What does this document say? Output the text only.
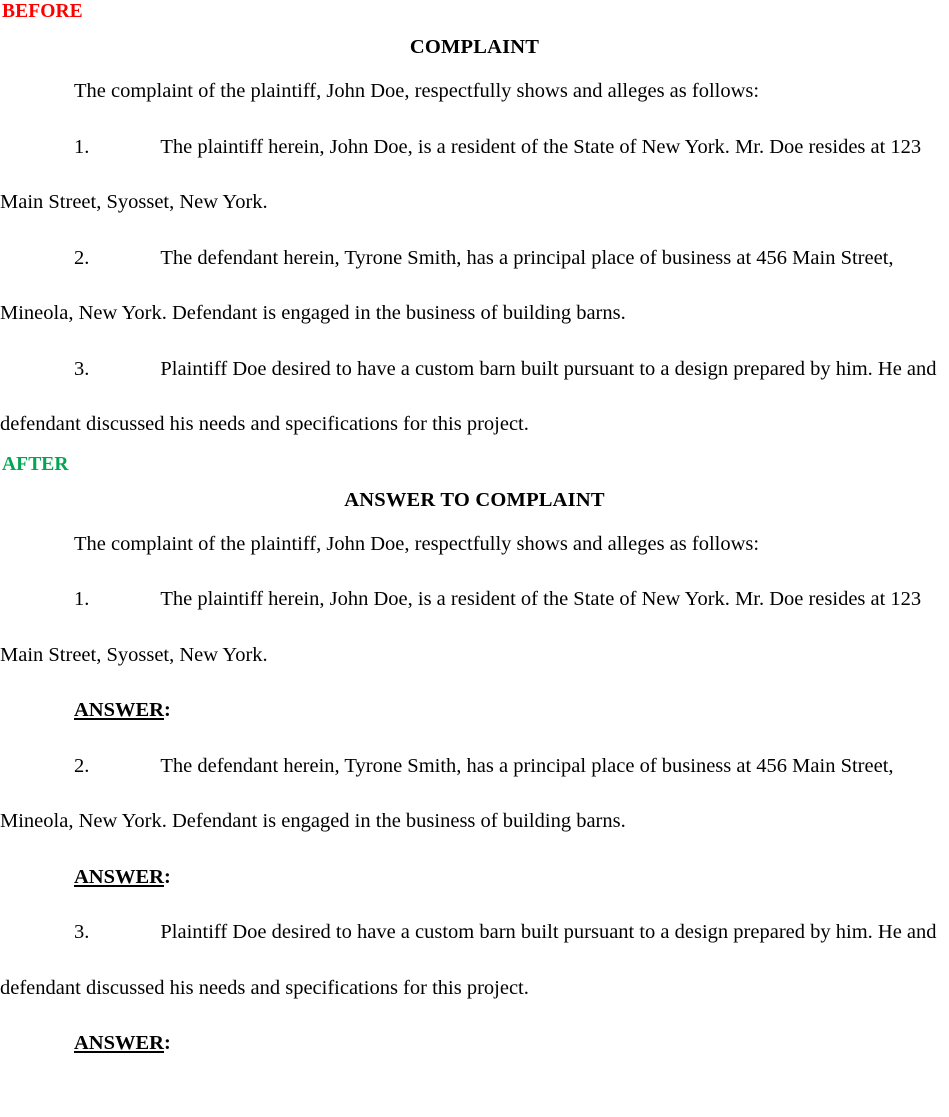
BEFORE
COMPLAINT

The complaint of the plaintiff, John Doe, respectfully shows and alleges as follows:

1.	The plaintiff herein, John Doe, is a resident of the State of New York. Mr. Doe resides at 123 Main Street, Syosset, New York.

2.	The defendant herein, Tyrone Smith, has a principal place of business at 456 Main Street, Mineola, New York. Defendant is engaged in the business of building barns.

3.	Plaintiff Doe desired to have a custom barn built pursuant to a design prepared by him. He and defendant discussed his needs and specifications for this project.

AFTER
ANSWER TO COMPLAINT

The complaint of the plaintiff, John Doe, respectfully shows and alleges as follows:

1.	The plaintiff herein, John Doe, is a resident of the State of New York. Mr. Doe resides at 123 Main Street, Syosset, New York.

ANSWER:

2.	The defendant herein, Tyrone Smith, has a principal place of business at 456 Main Street, Mineola, New York. Defendant is engaged in the business of building barns.

ANSWER:

3.	Plaintiff Doe desired to have a custom barn built pursuant to a design prepared by him. He and defendant discussed his needs and specifications for this project.

ANSWER:
